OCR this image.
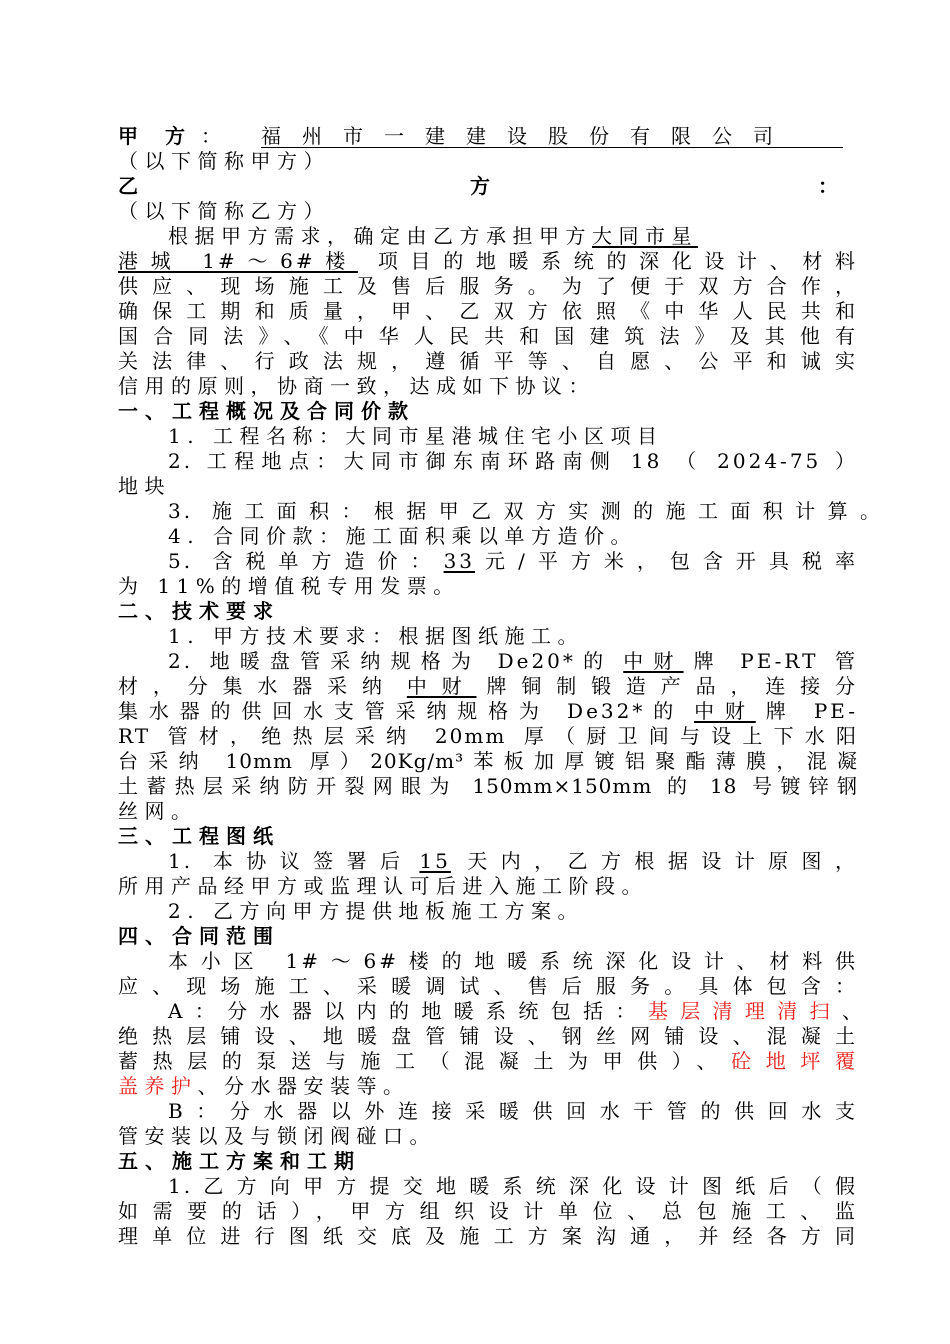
甲 方 ： 福州市一建建设股份有限公司
（以下简称甲方）
乙	方	：
（以下简称乙方）
根据甲方需求，确定由乙方承担甲方大同市星
港城 1#～6#楼 项目的地暖系统的深化设计、材料
供应、现场施工及售后服务。为了便于双方合作，
确保工期和质量，甲、乙双方依照《中华人民共和
国合同法》、《中华人民共和国建筑法》及其他有
关法律、行政法规，遵循平等、自愿、公平和诚实
信用的原则，协商一致，达成如下协议：
一、工程概况及合同价款
1. 工程名称：大同市星港城住宅小区项目
2. 工程地点：大同市御东南环路南侧 18 （ 2024-75 ）
地块
3. 施工面积：根据甲乙双方实测的施工面积计算。
4. 合同价款：施工面积乘以单方造价。
5. 含税单方造价：33元/平方米，包含开具税率
为 11%的增值税专用发票。
二、技术要求
1. 甲方技术要求：根据图纸施工。
2. 地暖盘管采纳规格为 De20*的 中财 牌 PE-RT 管
材，分集水器采纳 中财 牌铜制锻造产品，连接分
集水器的供回水支管采纳规格为 De32*的 中财 牌 PE-
RT 管材，绝热层采纳 20mm 厚（厨卫间与设上下水阳
台采纳 10mm 厚）20Kg/m³苯板加厚镀铝聚酯薄膜，混凝
土蓄热层采纳防开裂网眼为 150mm×150mm 的 18 号镀锌钢
丝网。
三、工程图纸
1. 本协议签署后 15 天内，乙方根据设计原图，
所用产品经甲方或监理认可后进入施工阶段。
2. 乙方向甲方提供地板施工方案。
四、合同范围
本小区 1#～6#楼的地暖系统深化设计、材料供
应、现场施工、采暖调试、售后服务。具体包含：
A：分水器以内的地暖系统包括：基层清理清扫、
绝热层铺设、地暖盘管铺设、钢丝网铺设、混凝土
蓄热层的泵送与施工（混凝土为甲供）、砼地坪覆
盖养护、分水器安装等。
B：分水器以外连接采暖供回水干管的供回水支
管安装以及与锁闭阀碰口。
五、施工方案和工期
1.乙方向甲方提交地暖系统深化设计图纸后（假
如需要的话），甲方组织设计单位、总包施工、监
理单位进行图纸交底及施工方案沟通，并经各方同
